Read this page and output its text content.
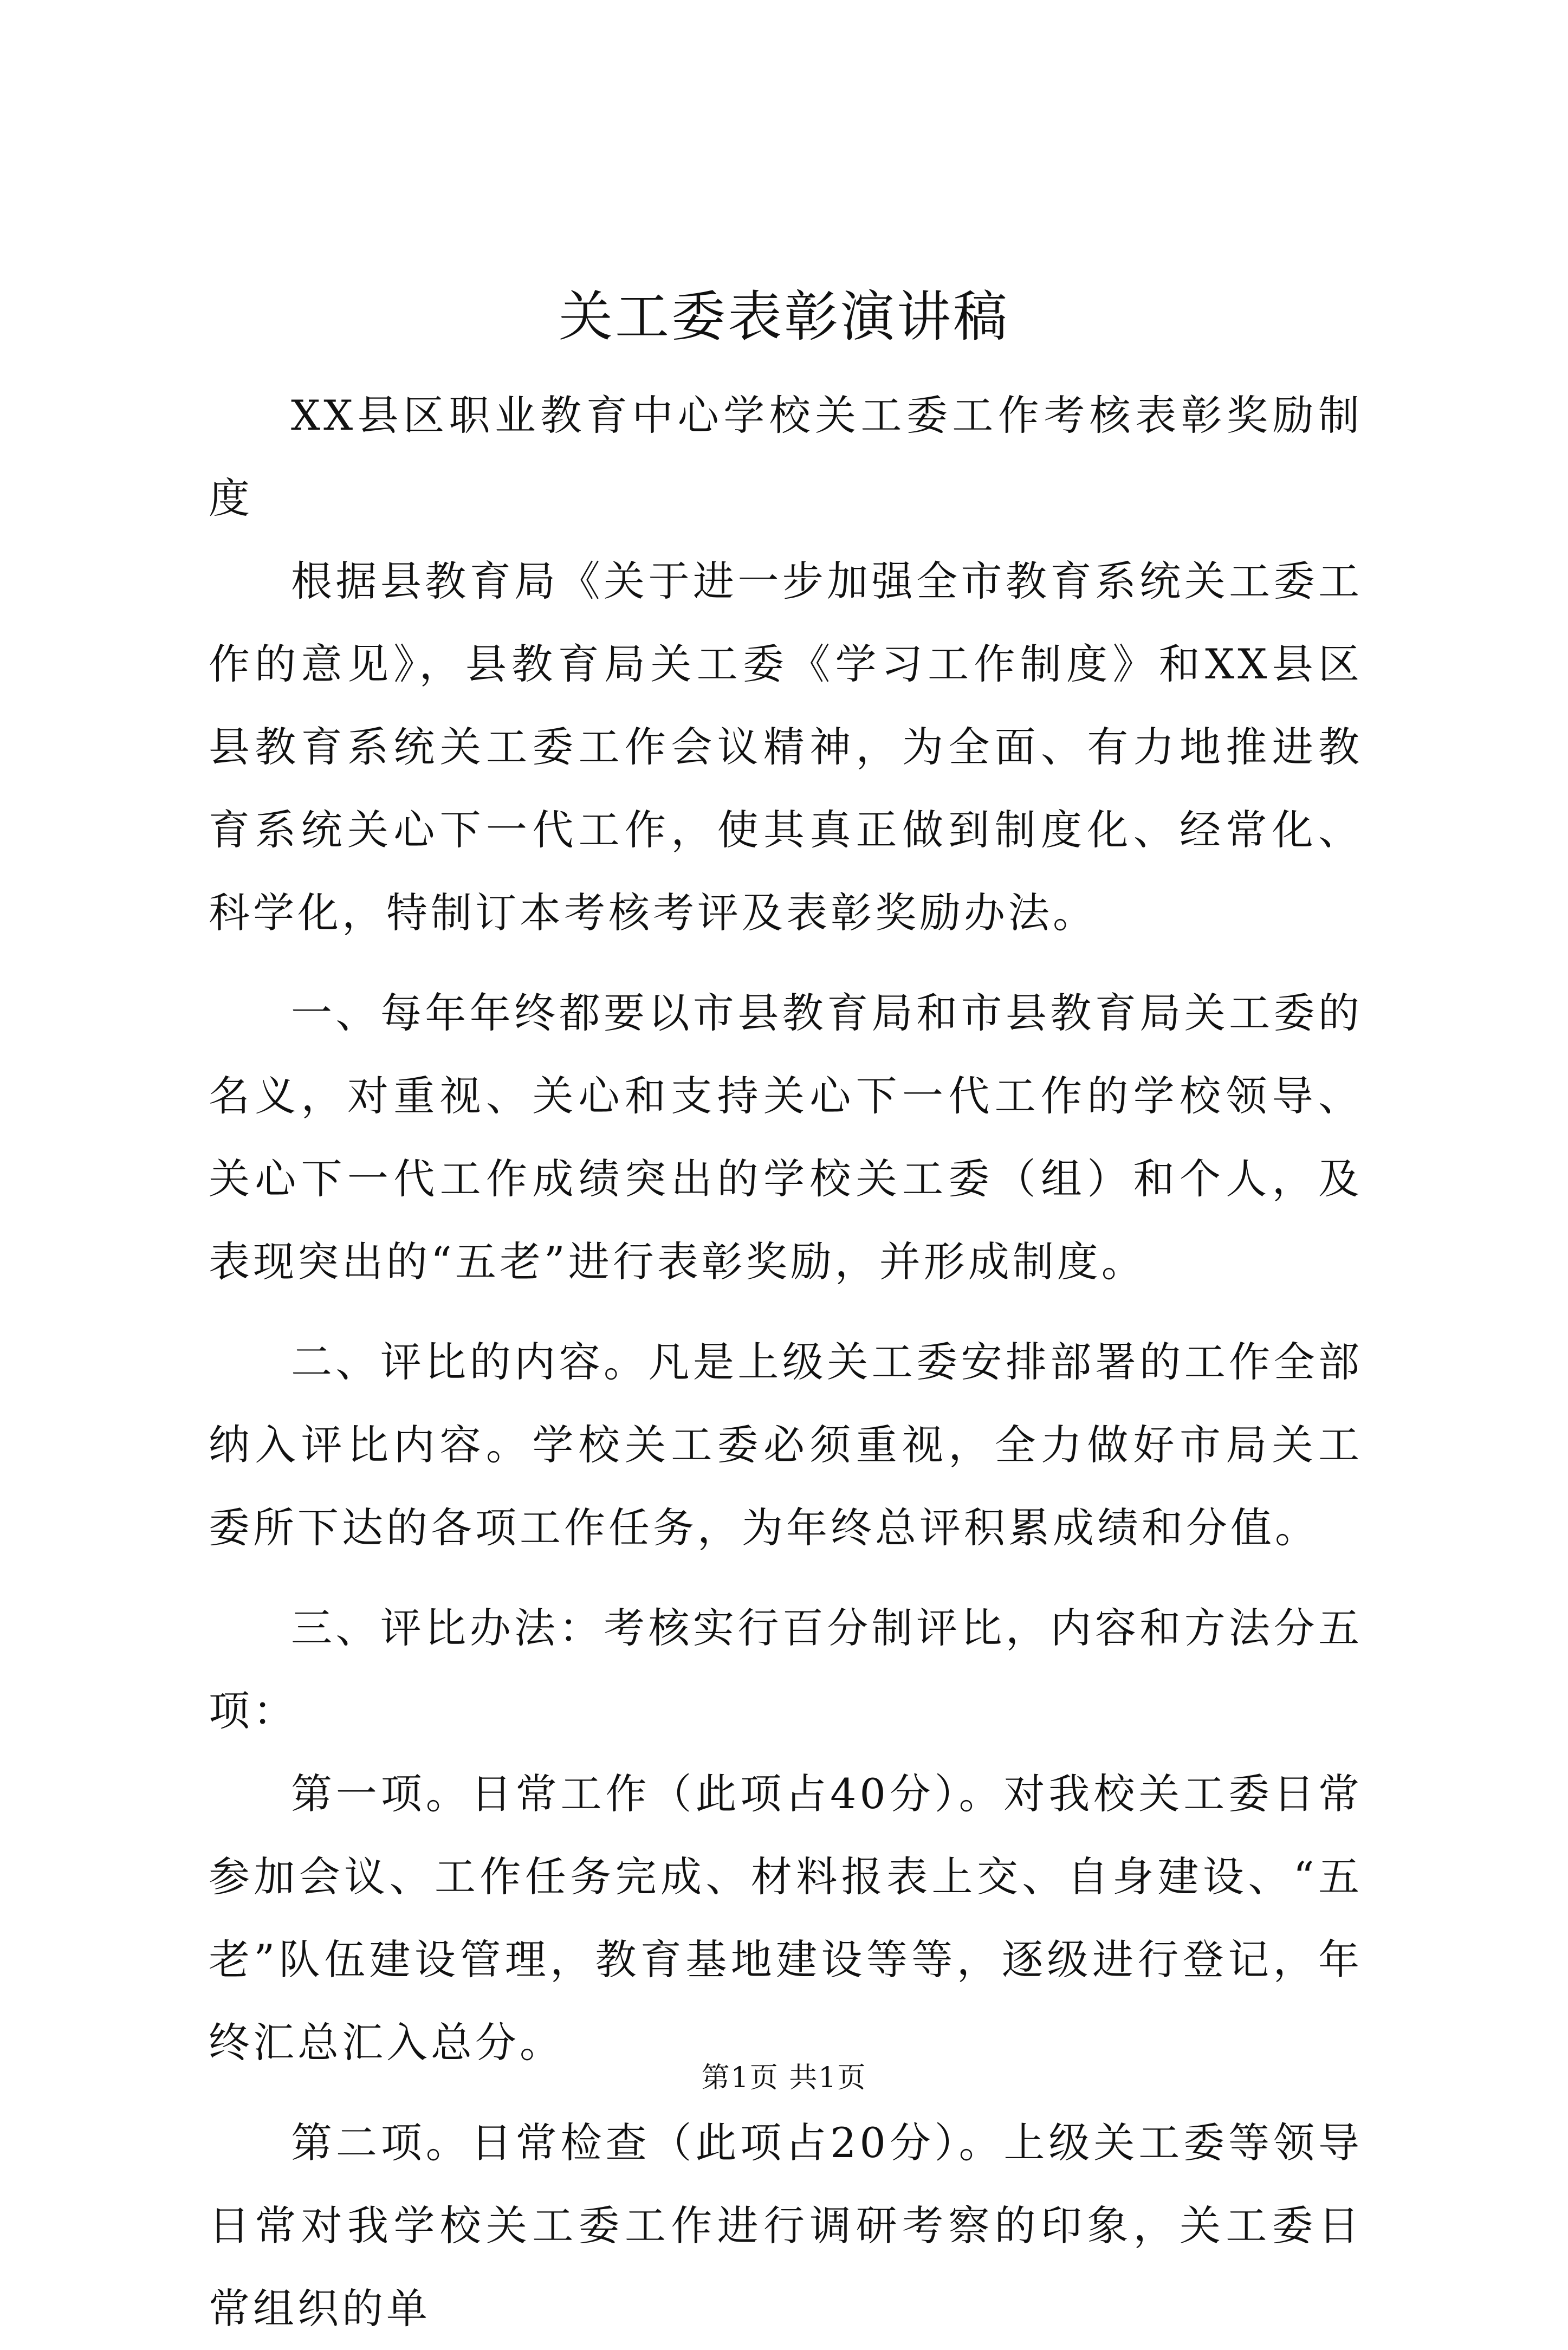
关工委表彰演讲稿

XX县区职业教育中心学校关工委工作考核表彰奖励制度

根据县教育局《关于进一步加强全市教育系统关工委工作的意见》，县教育局关工委《学习工作制度》和XX县区县教育系统关工委工作会议精神，为全面、有力地推进教育系统关心下一代工作，使其真正做到制度化、经常化、科学化，特制订本考核考评及表彰奖励办法。

一、每年年终都要以市县教育局和市县教育局关工委的名义，对重视、关心和支持关心下一代工作的学校领导、关心下一代工作成绩突出的学校关工委（组）和个人，及表现突出的“五老”进行表彰奖励，并形成制度。

二、评比的内容。凡是上级关工委安排部署的工作全部纳入评比内容。学校关工委必须重视，全力做好市局关工委所下达的各项工作任务，为年终总评积累成绩和分值。

三、评比办法：考核实行百分制评比，内容和方法分五项：

第一项。日常工作（此项占40分）。对我校关工委日常参加会议、工作任务完成、材料报表上交、自身建设、“五老”队伍建设管理，教育基地建设等等，逐级进行登记，年终汇总汇入总分。

第二项。日常检查（此项占20分）。上级关工委等领导日常对我学校关工委工作进行调研考察的印象，关工委日常组织的单

第1页 共1页
